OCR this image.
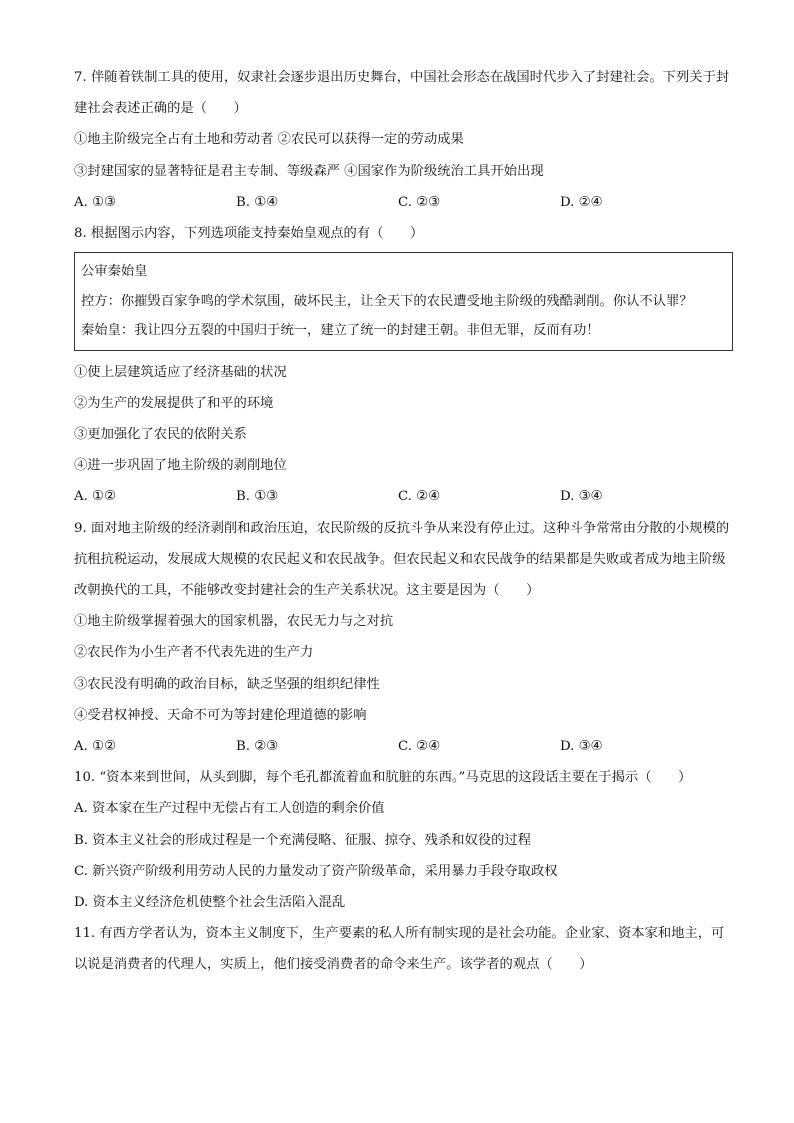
7. 伴随着铁制工具的使用，奴隶社会逐步退出历史舞台，中国社会形态在战国时代步入了封建社会。下列关于封建社会表述正确的是（　　）
①地主阶级完全占有土地和劳动者 ②农民可以获得一定的劳动成果
③封建国家的显著特征是君主专制、等级森严 ④国家作为阶级统治工具开始出现
A. ①③	B. ①④	C. ②③	D. ②④
8. 根据图示内容，下列选项能支持秦始皇观点的有（　　）
公审秦始皇
控方：你摧毁百家争鸣的学术氛围，破坏民主，让全天下的农民遭受地主阶级的残酷剥削。你认不认罪？
秦始皇：我让四分五裂的中国归于统一，建立了统一的封建王朝。非但无罪，反而有功！
①使上层建筑适应了经济基础的状况
②为生产的发展提供了和平的环境
③更加强化了农民的依附关系
④进一步巩固了地主阶级的剥削地位
A. ①②	B. ①③	C. ②④	D. ③④
9. 面对地主阶级的经济剥削和政治压迫，农民阶级的反抗斗争从来没有停止过。这种斗争常常由分散的小规模的抗租抗税运动，发展成大规模的农民起义和农民战争。但农民起义和农民战争的结果都是失败或者成为地主阶级改朝换代的工具，不能够改变封建社会的生产关系状况。这主要是因为（　　）
①地主阶级掌握着强大的国家机器，农民无力与之对抗
②农民作为小生产者不代表先进的生产力
③农民没有明确的政治目标，缺乏坚强的组织纪律性
④受君权神授、天命不可为等封建伦理道德的影响
A. ①②	B. ②③	C. ②④	D. ③④
10. “资本来到世间，从头到脚，每个毛孔都流着血和肮脏的东西。”马克思的这段话主要在于揭示（　　）
A. 资本家在生产过程中无偿占有工人创造的剩余价值
B. 资本主义社会的形成过程是一个充满侵略、征服、掠夺、残杀和奴役的过程
C. 新兴资产阶级利用劳动人民的力量发动了资产阶级革命，采用暴力手段夺取政权
D. 资本主义经济危机使整个社会生活陷入混乱
11. 有西方学者认为，资本主义制度下，生产要素的私人所有制实现的是社会功能。企业家、资本家和地主，可以说是消费者的代理人，实质上，他们接受消费者的命令来生产。该学者的观点（　　）
